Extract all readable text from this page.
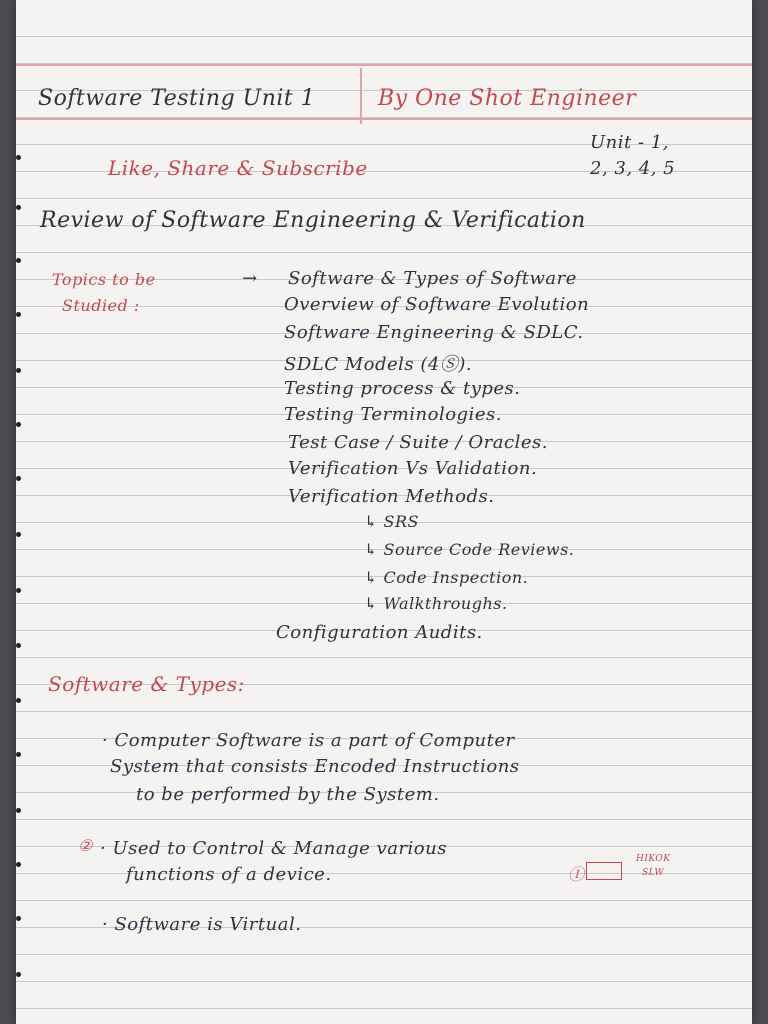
Software Testing Unit 1	By One Shot Engineer
Unit - 1,
2, 3, 4, 5
Like, Share & Subscribe
Review of Software Engineering & Verification
Topics to be
Studied :
→ Software & Types of Software
Overview of Software Evolution
Software Engineering & SDLC.
SDLC Models (4Ⓢ).
Testing process & types.
Testing Terminologies.
Test Case / Suite / Oracles.
Verification Vs Validation.
Verification Methods.
↳ SRS
↳ Source Code Reviews.
↳ Code Inspection.
↳ Walkthroughs.
Configuration Audits.
Software & Types:
· Computer Software is a part of Computer
System that consists Encoded Instructions
to be performed by the System.
② · Used to Control & Manage various
functions of a device.	Ⓘ
HIKOK
SLW
· Software is Virtual.
